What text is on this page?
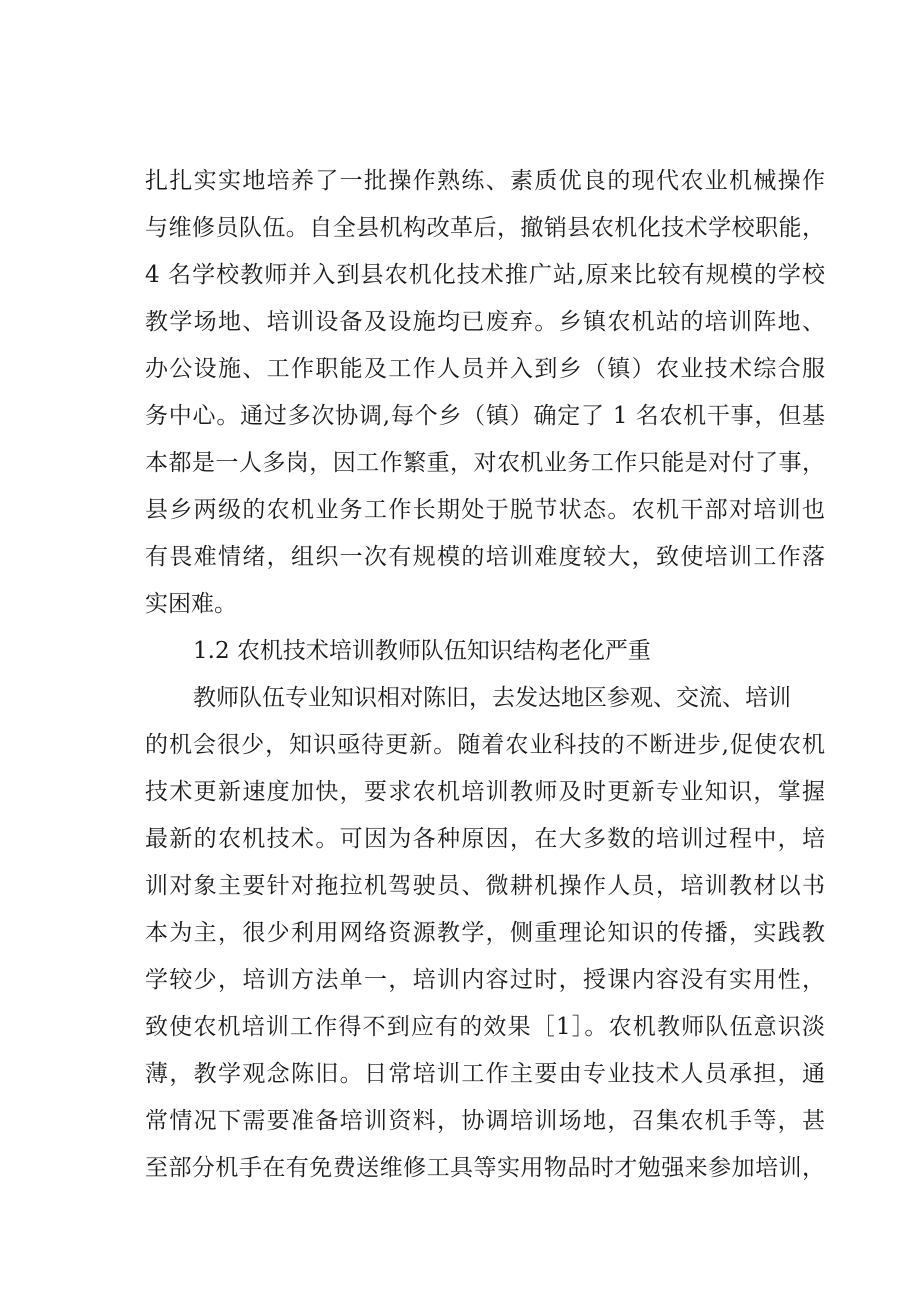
扎扎实实地培养了一批操作熟练、素质优良的现代农业机械操作
与维修员队伍。自全县机构改革后，撤销县农机化技术学校职能，
4 名学校教师并入到县农机化技术推广站,原来比较有规模的学校
教学场地、培训设备及设施均已废弃。乡镇农机站的培训阵地、
办公设施、工作职能及工作人员并入到乡（镇）农业技术综合服
务中心。通过多次协调,每个乡（镇）确定了 1 名农机干事，但基
本都是一人多岗，因工作繁重，对农机业务工作只能是对付了事，
县乡两级的农机业务工作长期处于脱节状态。农机干部对培训也
有畏难情绪，组织一次有规模的培训难度较大，致使培训工作落
实困难。
1.2 农机技术培训教师队伍知识结构老化严重
教师队伍专业知识相对陈旧，去发达地区参观、交流、培训
的机会很少，知识亟待更新。随着农业科技的不断进步,促使农机
技术更新速度加快，要求农机培训教师及时更新专业知识，掌握
最新的农机技术。可因为各种原因，在大多数的培训过程中，培
训对象主要针对拖拉机驾驶员、微耕机操作人员，培训教材以书
本为主，很少利用网络资源教学，侧重理论知识的传播，实践教
学较少，培训方法单一，培训内容过时，授课内容没有实用性，
致使农机培训工作得不到应有的效果［1］。农机教师队伍意识淡
薄，教学观念陈旧。日常培训工作主要由专业技术人员承担，通
常情况下需要准备培训资料，协调培训场地，召集农机手等，甚
至部分机手在有免费送维修工具等实用物品时才勉强来参加培训，
